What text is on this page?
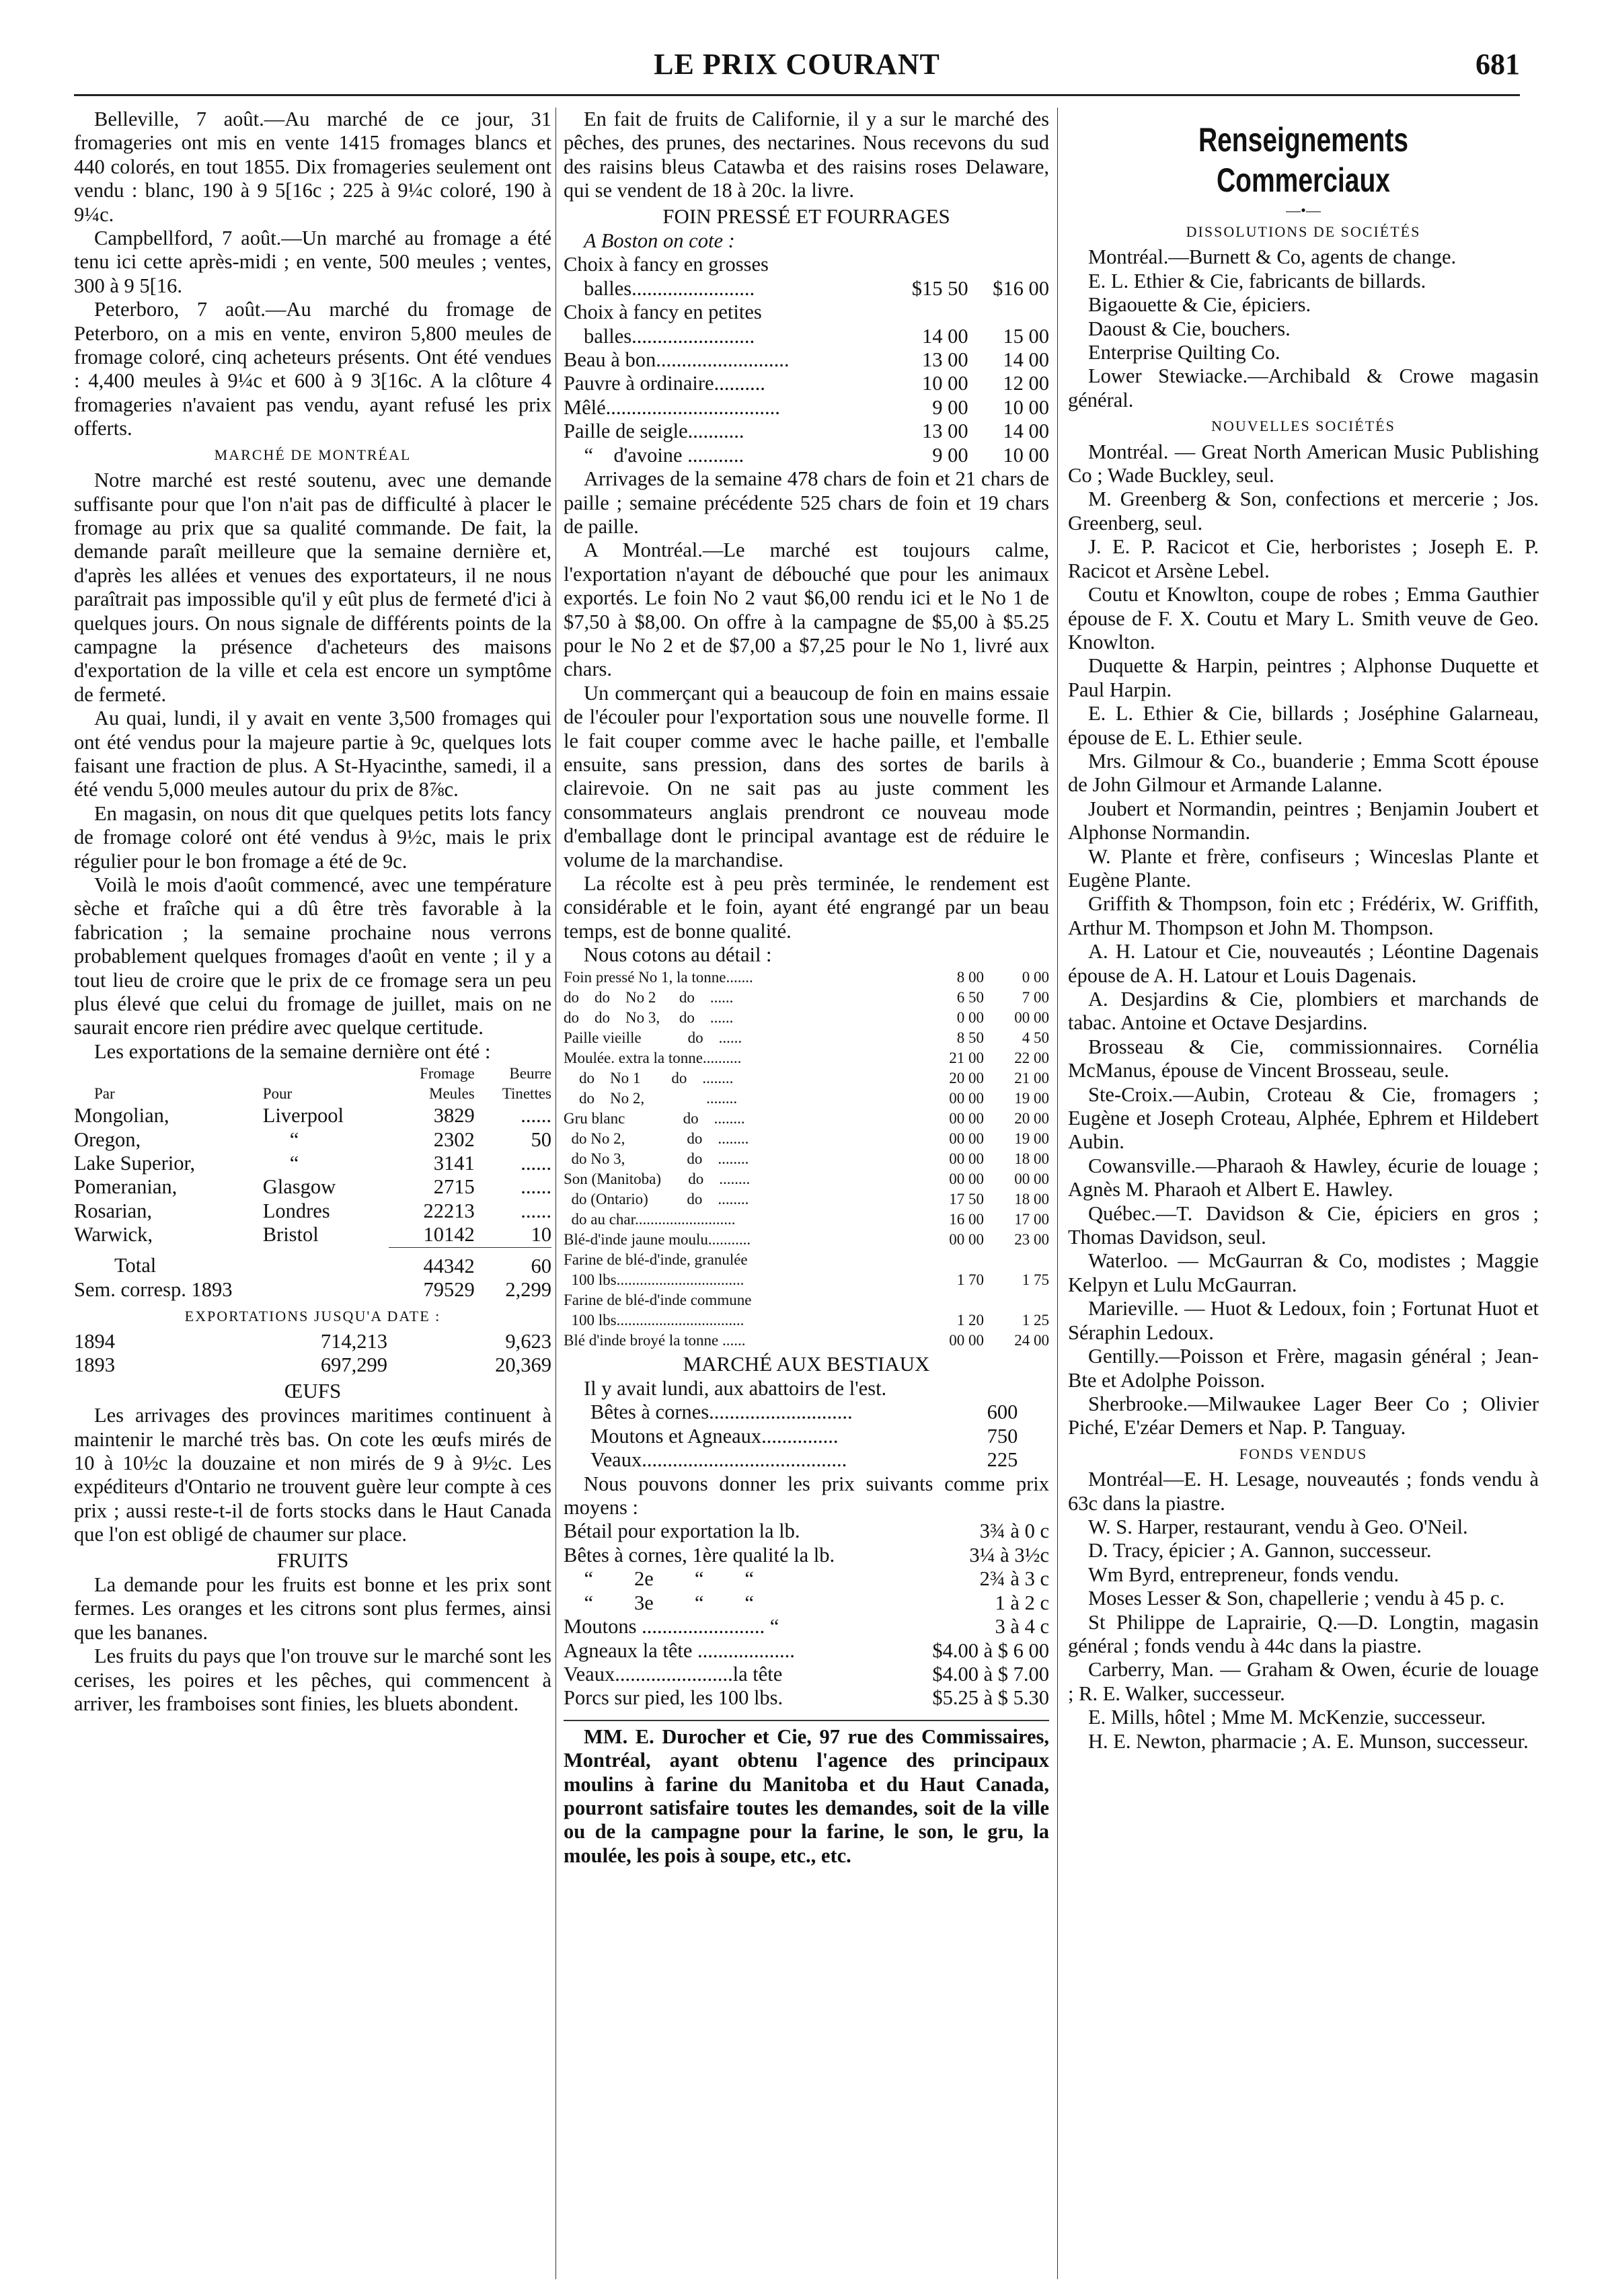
LE PRIX COURANT	681

Belleville, 7 août.—Au marché de ce jour, 31 fromageries ont mis en vente 1415 fromages blancs et 440 colorés, en tout 1855. Dix fromageries seulement ont vendu : blanc, 190 à 9 5[16c ; 225 à 9¼c coloré, 190 à 9¼c.

Campbellford, 7 août.—Un marché au fromage a été tenu ici cette après-midi ; en vente, 500 meules ; ventes, 300 à 9 5[16.

Peterboro, 7 août.—Au marché du fromage de Peterboro, on a mis en vente, environ 5,800 meules de fromage coloré, cinq acheteurs présents. Ont été vendues : 4,400 meules à 9¼c et 600 à 9 3[16c. A la clôture 4 fromageries n'avaient pas vendu, ayant refusé les prix offerts.

MARCHÉ DE MONTRÉAL

Notre marché est resté soutenu, avec une demande suffisante pour que l'on n'ait pas de difficulté à placer le fromage au prix que sa qualité commande. De fait, la demande paraît meilleure que la semaine dernière et, d'après les allées et venues des exportateurs, il ne nous paraîtrait pas impossible qu'il y eût plus de fermeté d'ici à quelques jours. On nous signale de différents points de la campagne la présence d'acheteurs des maisons d'exportation de la ville et cela est encore un symptôme de fermeté.

Au quai, lundi, il y avait en vente 3,500 fromages qui ont été vendus pour la majeure partie à 9c, quelques lots faisant une fraction de plus. A St-Hyacinthe, samedi, il a été vendu 5,000 meules autour du prix de 8⅞c.

En magasin, on nous dit que quelques petits lots fancy de fromage coloré ont été vendus à 9½c, mais le prix régulier pour le bon fromage a été de 9c.

Voilà le mois d'août commencé, avec une température sèche et fraîche qui a dû être très favorable à la fabrication ; la semaine prochaine nous verrons probablement quelques fromages d'août en vente ; il y a tout lieu de croire que le prix de ce fromage sera un peu plus élevé que celui du fromage de juillet, mais on ne saurait encore rien prédire avec quelque certitude.

Les exportations de la semaine dernière ont été :

		Fromage	Beurre
Par	Pour	Meules	Tinettes
Mongolian,	Liverpool	3829	......
Oregon,	“	2302	50
Lake Superior,	“	3141	......
Pomeranian,	Glasgow	2715	......
Rosarian,	Londres	22213	......
Warwick,	Bristol	10142	10
Total		44342	60
Sem. corresp. 1893		79529	2,299
EXPORTATIONS JUSQU'A DATE :
1894	714,213	9,623
1893	697,299	20,369
ŒUFS

Les arrivages des provinces maritimes continuent à maintenir le marché très bas. On cote les œufs mirés de 10 à 10½c la douzaine et non mirés de 9 à 9½c. Les expéditeurs d'Ontario ne trouvent guère leur compte à ces prix ; aussi reste-t-il de forts stocks dans le Haut Canada que l'on est obligé de chaumer sur place.

FRUITS

La demande pour les fruits est bonne et les prix sont fermes. Les oranges et les citrons sont plus fermes, ainsi que les bananes.

Les fruits du pays que l'on trouve sur le marché sont les cerises, les poires et les pêches, qui commencent à arriver, les framboises sont finies, les bluets abondent.

En fait de fruits de Californie, il y a sur le marché des pêches, des prunes, des nectarines. Nous recevons du sud des raisins bleus Catawba et des raisins roses Delaware, qui se vendent de 18 à 20c. la livre.

FOIN PRESSÉ ET FOURRAGES

A Boston on cote :

Choix à fancy en grosses		
balles........................	$15 50	$16 00
Choix à fancy en petites		
balles........................	14 00	15 00
Beau à bon..........................	13 00	14 00
Pauvre à ordinaire..........	10 00	12 00
Mêlé..................................	9 00	10 00
Paille de seigle...........	13 00	14 00
“    d'avoine ...........	9 00	10 00

Arrivages de la semaine 478 chars de foin et 21 chars de paille ; semaine précédente 525 chars de foin et 19 chars de paille.

A Montréal.—Le marché est toujours calme, l'exportation n'ayant de débouché que pour les animaux exportés. Le foin No 2 vaut $6,00 rendu ici et le No 1 de $7,50 à $8,00. On offre à la campagne de $5,00 à $5.25 pour le No 2 et de $7,00 a $7,25 pour le No 1, livré aux chars.

Un commerçant qui a beaucoup de foin en mains essaie de l'écouler pour l'exportation sous une nouvelle forme. Il le fait couper comme avec le hache paille, et l'emballe ensuite, sans pression, dans des sortes de barils à clairevoie. On ne sait pas au juste comment les consommateurs anglais prendront ce nouveau mode d'emballage dont le principal avantage est de réduire le volume de la marchandise.

La récolte est à peu près terminée, le rendement est considérable et le foin, ayant été engrangé par un beau temps, est de bonne qualité.

Nous cotons au détail :

Foin pressé No 1, la tonne.......	8 00	0 00
do    do    No 2      do    ......	6 50	7 00
do    do    No 3,     do    ......	0 00	00 00
Paille vieille            do    ......	8 50	4 50
Moulée. extra la tonne..........	21 00	22 00
do    No 1        do    ........	20 00	21 00
do    No 2,                ........	00 00	19 00
Gru blanc               do    ........	00 00	20 00
do No 2,                do    ........	00 00	19 00
do No 3,                do    ........	00 00	18 00
Son (Manitoba)       do    ........	00 00	00 00
do (Ontario)          do    ........	17 50	18 00
do au char..........................	16 00	17 00
Blé-d'inde jaune moulu...........	00 00	23 00
Farine de blé-d'inde, granulée		
100 lbs.................................	1 70	1 75
Farine de blé-d'inde commune		
100 lbs.................................	1 20	1 25
Blé d'inde broyé la tonne ......	00 00	24 00
MARCHÉ AUX BESTIAUX

Il y avait lundi, aux abattoirs de l'est.

Bêtes à cornes............................	600
Moutons et Agneaux...............	750
Veaux........................................	225

Nous pouvons donner les prix suivants comme prix moyens :

Bétail pour exportation la lb.	3¾ à 0 c
Bêtes à cornes, 1ère qualité la lb.	3¼ à 3½c
“        2e        “        “	2¾ à 3 c
“        3e        “        “	1 à 2 c
Moutons ........................ “	3 à 4 c
Agneaux la tête ...................	$4.00 à $ 6 00
Veaux.......................la tête	$4.00 à $ 7.00
Porcs sur pied, les 100 lbs.	$5.25 à $ 5.30

MM. E. Durocher et Cie, 97 rue des Commissaires, Montréal, ayant obtenu l'agence des principaux moulins à farine du Manitoba et du Haut Canada, pourront satisfaire toutes les demandes, soit de la ville ou de la campagne pour la farine, le son, le gru, la moulée, les pois à soupe, etc., etc.

Renseignements Commerciaux
—•—
DISSOLUTIONS DE SOCIÉTÉS

Montréal.—Burnett & Co, agents de change.

E. L. Ethier & Cie, fabricants de billards.

Bigaouette & Cie, épiciers.

Daoust & Cie, bouchers.

Enterprise Quilting Co.

Lower Stewiacke.—Archibald & Crowe magasin général.

NOUVELLES SOCIÉTÉS

Montréal. — Great North American Music Publishing Co ; Wade Buckley, seul.

M. Greenberg & Son, confections et mercerie ; Jos. Greenberg, seul.

J. E. P. Racicot et Cie, herboristes ; Joseph E. P. Racicot et Arsène Lebel.

Coutu et Knowlton, coupe de robes ; Emma Gauthier épouse de F. X. Coutu et Mary L. Smith veuve de Geo. Knowlton.

Duquette & Harpin, peintres ; Alphonse Duquette et Paul Harpin.

E. L. Ethier & Cie, billards ; Joséphine Galarneau, épouse de E. L. Ethier seule.

Mrs. Gilmour & Co., buanderie ; Emma Scott épouse de John Gilmour et Armande Lalanne.

Joubert et Normandin, peintres ; Benjamin Joubert et Alphonse Normandin.

W. Plante et frère, confiseurs ; Winceslas Plante et Eugène Plante.

Griffith & Thompson, foin etc ; Frédérix, W. Griffith, Arthur M. Thompson et John M. Thompson.

A. H. Latour et Cie, nouveautés ; Léontine Dagenais épouse de A. H. Latour et Louis Dagenais.

A. Desjardins & Cie, plombiers et marchands de tabac. Antoine et Octave Desjardins.

Brosseau & Cie, commissionnaires. Cornélia McManus, épouse de Vincent Brosseau, seule.

Ste-Croix.—Aubin, Croteau & Cie, fromagers ; Eugène et Joseph Croteau, Alphée, Ephrem et Hildebert Aubin.

Cowansville.—Pharaoh & Hawley, écurie de louage ; Agnès M. Pharaoh et Albert E. Hawley.

Québec.—T. Davidson & Cie, épiciers en gros ; Thomas Davidson, seul.

Waterloo. — McGaurran & Co, modistes ; Maggie Kelpyn et Lulu McGaurran.

Marieville. — Huot & Ledoux, foin ; Fortunat Huot et Séraphin Ledoux.

Gentilly.—Poisson et Frère, magasin général ; Jean-Bte et Adolphe Poisson.

Sherbrooke.—Milwaukee Lager Beer Co ; Olivier Piché, E'zéar Demers et Nap. P. Tanguay.

FONDS VENDUS

Montréal—E. H. Lesage, nouveautés ; fonds vendu à 63c dans la piastre.

W. S. Harper, restaurant, vendu à Geo. O'Neil.

D. Tracy, épicier ; A. Gannon, successeur.

Wm Byrd, entrepreneur, fonds vendu.

Moses Lesser & Son, chapellerie ; vendu à 45 p. c.

St Philippe de Laprairie, Q.—D. Longtin, magasin général ; fonds vendu à 44c dans la piastre.

Carberry, Man. — Graham & Owen, écurie de louage ; R. E. Walker, successeur.

E. Mills, hôtel ; Mme M. McKenzie, successeur.

H. E. Newton, pharmacie ; A. E. Munson, successeur.
